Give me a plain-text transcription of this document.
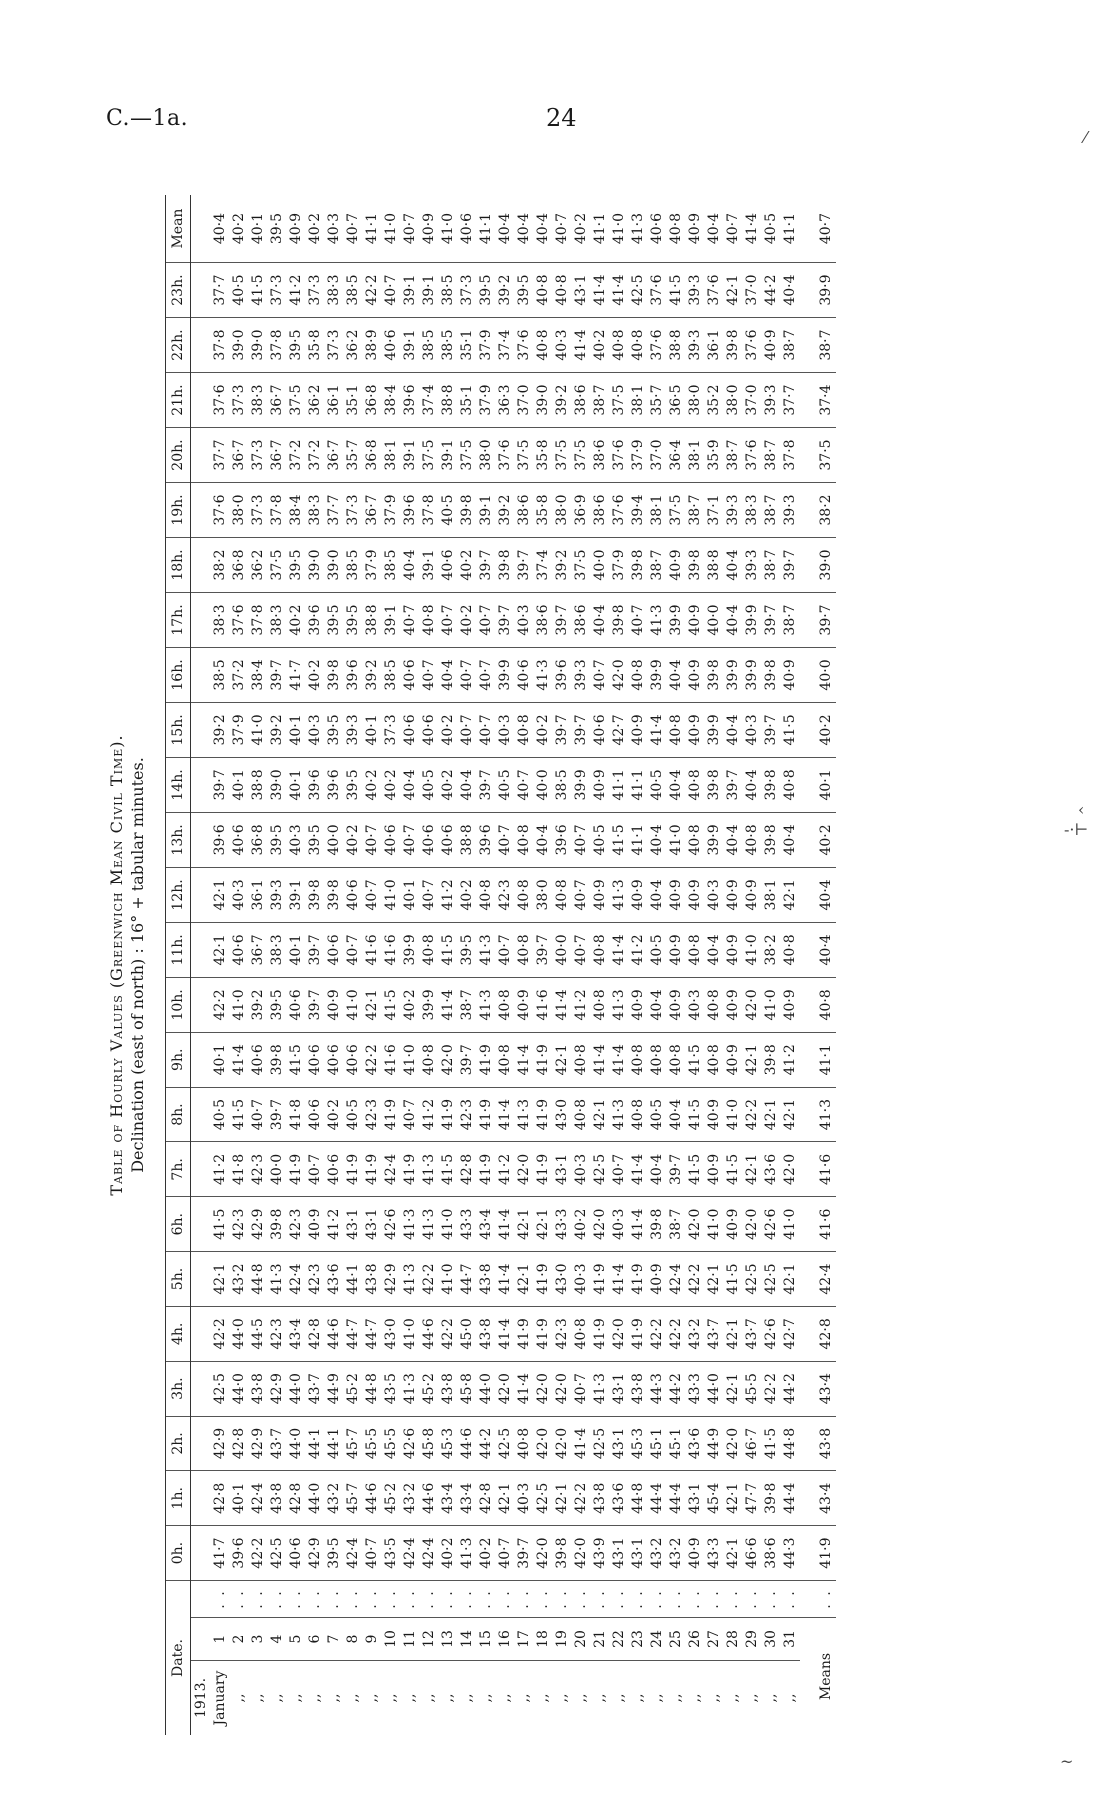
C.—1a.	24
⁄
‹
-·⊢
~
Table of Hourly Values (Greenwich Mean Civil Time). Declination (east of north) : 16° + tabular minutes.
Date.			0h.	1h.	2h.	3h.	4h.	5h.	6h.	7h.	8h.	9h.	10h.	11h.	12h.	13h.	14h.	15h.	16h.	17h.	18h.	19h.	20h.	21h.	22h.	23h.	Mean
1913.																											
January	1	. .	41·7	42·8	42·9	42·5	42·2	42·1	41·5	41·2	40·5	40·1	42·2	42·1	42·1	39·6	39·7	39·2	38·5	38·3	38·2	37·6	37·7	37·6	37·8	37·7	40·4
,,	2	. .	39·6	40·1	42·8	44·0	44·0	43·2	42·3	41·8	41·5	41·4	41·0	40·6	40·3	40·6	40·1	37·9	37·2	37·6	36·8	38·0	36·7	37·3	39·0	40·5	40·2
,,	3	. .	42·2	42·4	42·9	43·8	44·5	44·8	42·9	42·3	40·7	40·6	39·2	36·7	36·1	36·8	38·8	41·0	38·4	37·8	36·2	37·3	37·3	38·3	39·0	41·5	40·1
,,	4	. .	42·5	43·8	43·7	42·9	42·3	41·3	39·8	40·0	39·7	39·8	39·5	38·3	39·3	39·5	39·0	39·2	39·7	38·3	37·5	37·8	36·7	36·7	37·8	37·3	39·5
,,	5	. .	40·6	42·8	44·0	44·0	43·4	42·4	42·3	41·9	41·8	41·5	40·6	40·1	39·1	40·3	40·1	40·1	41·7	40·2	39·5	38·4	37·2	37·5	39·5	41·2	40·9
,,	6	. .	42·9	44·0	44·1	43·7	42·8	42·3	40·9	40·7	40·6	40·6	39·7	39·7	39·8	39·5	39·6	40·3	40·2	39·6	39·0	38·3	37·2	36·2	35·8	37·3	40·2
,,	7	. .	39·5	43·2	44·1	44·9	44·6	43·6	41·2	40·6	40·2	40·6	40·9	40·6	39·8	40·0	39·6	39·5	39·8	39·5	39·0	37·7	36·7	36·1	37·3	38·3	40·3
,,	8	. .	42·4	45·7	45·7	45·2	44·7	44·1	43·1	41·9	40·5	40·6	41·0	40·7	40·6	40·2	39·5	39·3	39·6	39·5	38·5	37·3	35·7	35·1	36·2	38·5	40·7
,,	9	. .	40·7	44·6	45·5	44·8	44·7	43·8	43·1	41·9	42·3	42·2	42·1	41·6	40·7	40·7	40·2	40·1	39·2	38·8	37·9	36·7	36·8	36·8	38·9	42·2	41·1
,,	10	. .	43·5	45·2	45·5	43·5	43·0	42·9	42·6	42·4	41·9	41·6	41·5	41·6	41·0	40·6	40·2	37·3	38·5	39·1	38·5	37·9	38·1	38·4	40·6	40·7	41·0
,,	11	. .	42·4	43·2	42·6	41·3	41·0	41·3	41·3	41·9	40·7	41·0	40·2	39·9	40·1	40·7	40·4	40·6	40·6	40·7	40·4	39·6	39·1	39·6	39·1	39·1	40·7
,,	12	. .	42·4	44·6	45·8	45·2	44·6	42·2	41·3	41·3	41·2	40·8	39·9	40·8	40·7	40·6	40·5	40·6	40·7	40·8	39·1	37·8	37·5	37·4	38·5	39·1	40·9
,,	13	. .	40·2	43·4	45·3	43·8	42·2	41·0	41·0	41·5	41·9	42·0	41·4	41·5	41·2	40·6	40·2	40·2	40·4	40·7	40·6	40·5	39·1	38·8	38·5	38·5	41·0
,,	14	. .	41·3	43·4	44·6	45·8	45·0	44·7	43·3	42·8	42·3	39·7	38·7	39·5	40·2	38·8	40·4	40·7	40·7	40·2	40·2	39·8	37·5	35·1	35·1	37·3	40·6
,,	15	. .	40·2	42·8	44·2	44·0	43·8	43·8	43·4	41·9	41·9	41·9	41·3	41·3	40·8	39·6	39·7	40·7	40·7	40·7	39·7	39·1	38·0	37·9	37·9	39·5	41·1
,,	16	. .	40·7	42·1	42·5	42·0	41·4	41·4	41·4	41·2	41·4	40·8	40·8	40·7	42·3	40·7	40·5	40·3	39·9	39·7	39·8	39·2	37·6	36·3	37·4	39·2	40·4
,,	17	. .	39·7	40·3	40·8	41·4	41·9	42·1	42·1	42·0	41·3	41·4	40·9	40·8	40·8	40·8	40·7	40·8	40·6	40·3	39·7	38·6	37·5	37·0	37·6	39·5	40·4
,,	18	. .	42·0	42·5	42·0	42·0	41·9	41·9	42·1	41·9	41·9	41·9	41·6	39·7	38·0	40·4	40·0	40·2	41·3	38·6	37·4	35·8	35·8	39·0	40·8	40·8	40·4
,,	19	. .	39·8	42·1	42·0	42·0	42·3	43·0	43·3	43·1	43·0	42·1	41·4	40·0	40·8	39·6	38·5	39·7	39·6	39·7	39·2	38·0	37·5	39·2	40·3	40·8	40·7
,,	20	. .	42·0	42·2	41·4	40·7	40·8	40·3	40·2	40·3	40·8	40·8	41·2	40·7	40·7	40·7	39·9	39·7	39·3	38·6	37·5	36·9	37·5	38·6	41·4	43·1	40·2
,,	21	. .	43·9	43·8	42·5	41·3	41·9	41·9	42·0	42·5	42·1	41·4	40·8	40·8	40·9	40·5	40·9	40·6	40·7	40·4	40·0	38·6	38·6	38·7	40·2	41·4	41·1
,,	22	. .	43·1	43·6	43·1	43·1	42·0	41·4	40·3	40·7	41·3	41·4	41·3	41·4	41·3	41·5	41·1	42·7	42·0	39·8	37·9	37·6	37·6	37·5	40·8	41·4	41·0
,,	23	. .	43·1	44·8	45·3	43·8	41·9	41·9	41·4	41·4	40·8	40·8	40·9	41·2	40·9	41·1	41·1	40·9	40·8	40·7	39·8	39·4	37·9	38·1	40·8	42·5	41·3
,,	24	. .	43·2	44·4	45·1	44·3	42·2	40·9	39·8	40·4	40·5	40·8	40·4	40·5	40·4	40·4	40·5	41·4	39·9	41·3	38·7	38·1	37·0	35·7	37·6	37·6	40·6
,,	25	. .	43·2	44·4	45·1	44·2	42·2	42·4	38·7	39·7	40·4	40·8	40·9	40·9	40·9	41·0	40·4	40·8	40·4	39·9	40·9	37·5	36·4	36·5	38·8	41·5	40·8
,,	26	. .	40·9	43·1	43·6	43·3	43·2	42·2	42·0	41·5	41·5	41·5	40·3	40·8	40·9	40·8	40·8	40·9	40·9	40·9	39·8	38·7	38·1	38·0	39·3	39·3	40·9
,,	27	. .	43·3	45·4	44·9	44·0	43·7	42·1	41·0	40·9	40·9	40·8	40·8	40·4	40·3	39·9	39·8	39·9	39·8	40·0	38·8	37·1	35·9	35·2	36·1	37·6	40·4
,,	28	. .	42·1	42·1	42·0	42·1	42·1	41·5	40·9	41·5	41·0	40·9	40·9	40·9	40·9	40·4	39·7	40·4	39·9	40·4	40·4	39·3	38·7	38·0	39·8	42·1	40·7
,,	29	. .	46·6	47·7	46·7	45·5	43·7	42·5	42·0	42·1	42·2	42·1	42·0	41·0	40·9	40·8	40·4	40·3	39·9	39·9	39·3	38·3	37·6	37·0	37·6	37·0	41·4
,,	30	. .	38·6	39·8	41·5	42·2	42·6	42·5	42·6	43·6	42·1	39·8	41·0	38·2	38·1	39·8	39·8	39·7	39·8	39·7	38·7	38·7	38·7	39·3	40·9	44·2	40·5
,,	31	. .	44·3	44·4	44·8	44·2	42·7	42·1	41·0	42·0	42·1	41·2	40·9	40·8	42·1	40·4	40·8	41·5	40·9	38·7	39·7	39·3	37·8	37·7	38·7	40·4	41·1
Means		. .	41·9	43·4	43·8	43·4	42·8	42·4	41·6	41·6	41·3	41·1	40·8	40·4	40·4	40·2	40·1	40·2	40·0	39·7	39·0	38·2	37·5	37·4	38·7	39·9	40·7
